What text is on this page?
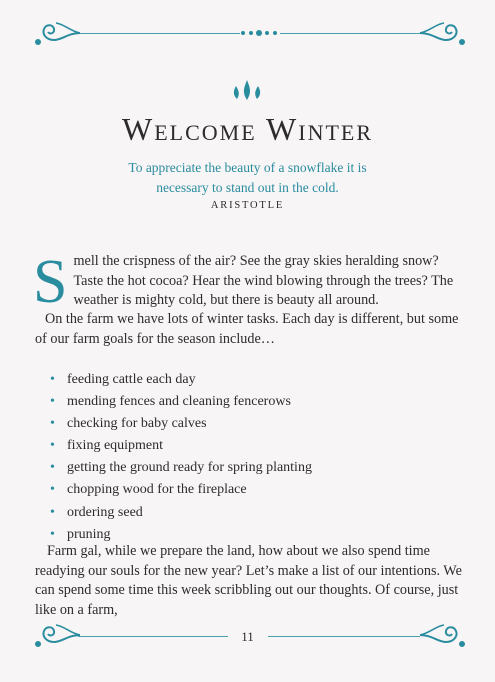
Welcome Winter
To appreciate the beauty of a snowflake it is necessary to stand out in the cold.
ARISTOTLE
Smell the crispness of the air? See the gray skies heralding snow? Taste the hot cocoa? Hear the wind blowing through the trees? The weather is mighty cold, but there is beauty all around.
On the farm we have lots of winter tasks. Each day is different, but some of our farm goals for the season include…
• feeding cattle each day
• mending fences and cleaning fencerows
• checking for baby calves
• fixing equipment
• getting the ground ready for spring planting
• chopping wood for the fireplace
• ordering seed
• pruning
Farm gal, while we prepare the land, how about we also spend time readying our souls for the new year? Let’s make a list of our intentions. We can spend some time this week scribbling out our thoughts. Of course, just like on a farm,
11
